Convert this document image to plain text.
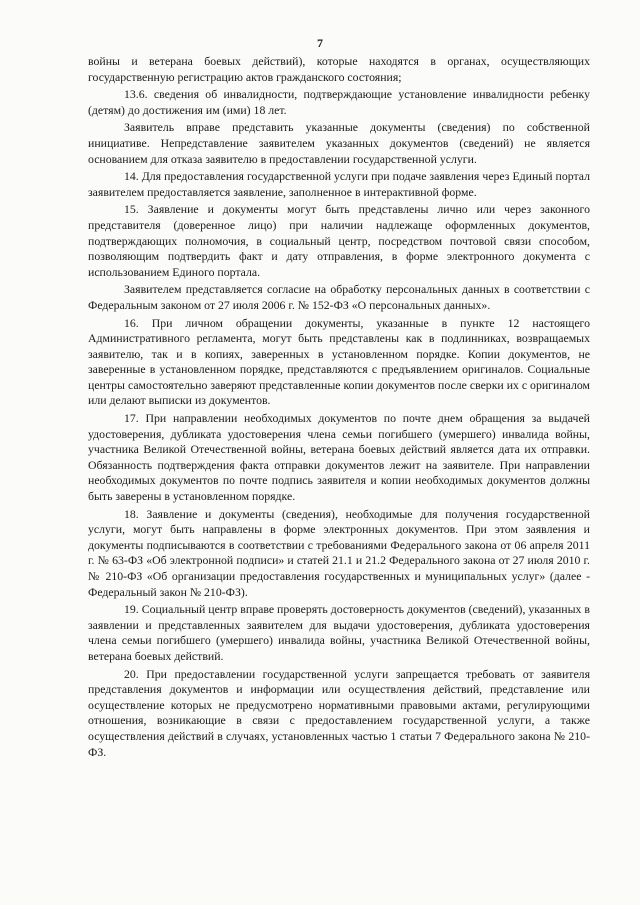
7

войны и ветерана боевых действий), которые находятся в органах, осуществляющих государственную регистрацию актов гражданского состояния;

13.6. сведения об инвалидности, подтверждающие установление инвалидности ребенку (детям) до достижения им (ими) 18 лет.

Заявитель вправе представить указанные документы (сведения) по собственной инициативе. Непредставление заявителем указанных документов (сведений) не является основанием для отказа заявителю в предоставлении государственной услуги.

14. Для предоставления государственной услуги при подаче заявления через Единый портал заявителем предоставляется заявление, заполненное в интерактивной форме.

15. Заявление и документы могут быть представлены лично или через законного представителя (доверенное лицо) при наличии надлежаще оформленных документов, подтверждающих полномочия, в социальный центр, посредством почтовой связи способом, позволяющим подтвердить факт и дату отправления, в форме электронного документа с использованием Единого портала.

Заявителем представляется согласие на обработку персональных данных в соответствии с Федеральным законом от 27 июля 2006 г. № 152-ФЗ «О персональных данных».

16. При личном обращении документы, указанные в пункте 12 настоящего Административного регламента, могут быть представлены как в подлинниках, возвращаемых заявителю, так и в копиях, заверенных в установленном порядке. Копии документов, не заверенные в установленном порядке, представляются с предъявлением оригиналов. Социальные центры самостоятельно заверяют представленные копии документов после сверки их с оригиналом или делают выписки из документов.

17. При направлении необходимых документов по почте днем обращения за выдачей удостоверения, дубликата удостоверения члена семьи погибшего (умершего) инвалида войны, участника Великой Отечественной войны, ветерана боевых действий является дата их отправки. Обязанность подтверждения факта отправки документов лежит на заявителе. При направлении необходимых документов по почте подпись заявителя и копии необходимых документов должны быть заверены в установленном порядке.

18. Заявление и документы (сведения), необходимые для получения государственной услуги, могут быть направлены в форме электронных документов. При этом заявления и документы подписываются в соответствии с требованиями Федерального закона от 06 апреля 2011 г. № 63-ФЗ «Об электронной подписи» и статей 21.1 и 21.2 Федерального закона от 27 июля 2010 г. № 210-ФЗ «Об организации предоставления государственных и муниципальных услуг» (далее - Федеральный закон № 210-ФЗ).

19. Социальный центр вправе проверять достоверность документов (сведений), указанных в заявлении и представленных заявителем для выдачи удостоверения, дубликата удостоверения члена семьи погибшего (умершего) инвалида войны, участника Великой Отечественной войны, ветерана боевых действий.

20. При предоставлении государственной услуги запрещается требовать от заявителя представления документов и информации или осуществления действий, представление или осуществление которых не предусмотрено нормативными правовыми актами, регулирующими отношения, возникающие в связи с предоставлением государственной услуги, а также осуществления действий в случаях, установленных частью 1 статьи 7 Федерального закона № 210-ФЗ.
